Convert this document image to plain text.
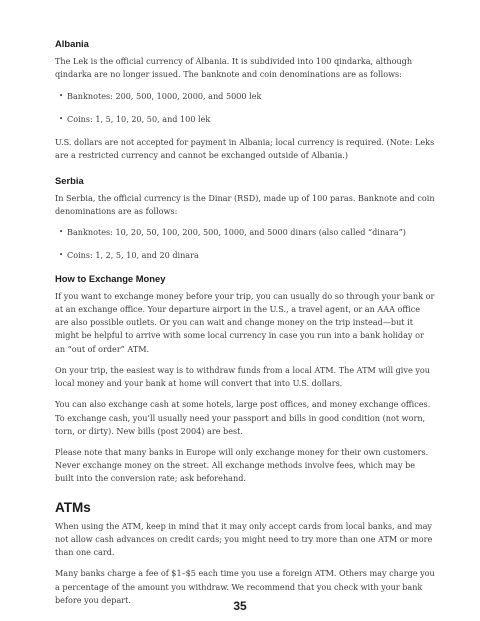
Albania

The Lek is the official currency of Albania. It is subdivided into 100 qindarka, although qindarka are no longer issued. The banknote and coin denominations are as follows:

• Banknotes: 200, 500, 1000, 2000, and 5000 lek
• Coins: 1, 5, 10, 20, 50, and 100 lek

U.S. dollars are not accepted for payment in Albania; local currency is required. (Note: Leks are a restricted currency and cannot be exchanged outside of Albania.)

Serbia

In Serbia, the official currency is the Dinar (RSD), made up of 100 paras. Banknote and coin denominations are as follows:

• Banknotes: 10, 20, 50, 100, 200, 500, 1000, and 5000 dinars (also called “dinara”)
• Coins: 1, 2, 5, 10, and 20 dinara
How to Exchange Money

If you want to exchange money before your trip, you can usually do so through your bank or at an exchange office. Your departure airport in the U.S., a travel agent, or an AAA office are also possible outlets. Or you can wait and change money on the trip instead—but it might be helpful to arrive with some local currency in case you run into a bank holiday or an “out of order” ATM.

On your trip, the easiest way is to withdraw funds from a local ATM. The ATM will give you local money and your bank at home will convert that into U.S. dollars.

You can also exchange cash at some hotels, large post offices, and money exchange offices. To exchange cash, you’ll usually need your passport and bills in good condition (not worn, torn, or dirty). New bills (post 2004) are best.

Please note that many banks in Europe will only exchange money for their own customers. Never exchange money on the street. All exchange methods involve fees, which may be built into the conversion rate; ask beforehand.

ATMs

When using the ATM, keep in mind that it may only accept cards from local banks, and may not allow cash advances on credit cards; you might need to try more than one ATM or more than one card.

Many banks charge a fee of $1–$5 each time you use a foreign ATM. Others may charge you a percentage of the amount you withdraw. We recommend that you check with your bank before you depart.	35
